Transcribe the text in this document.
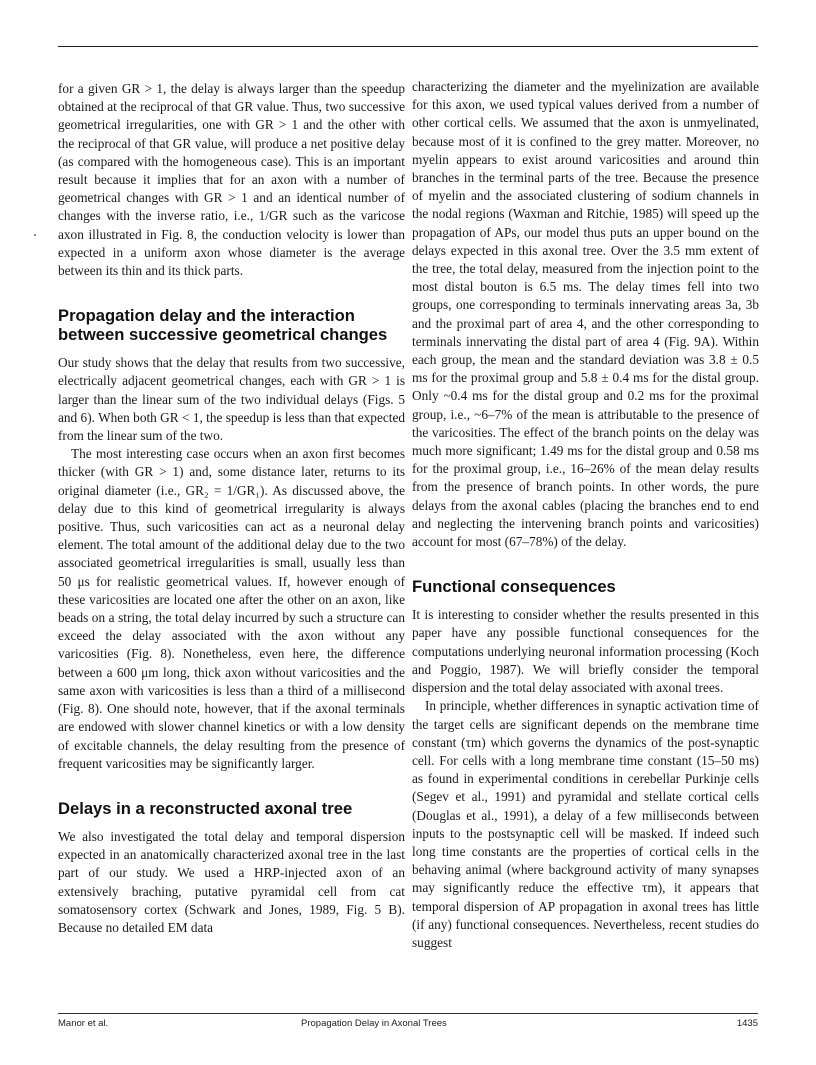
for a given GR > 1, the delay is always larger than the speedup obtained at the reciprocal of that GR value. Thus, two successive geometrical irregularities, one with GR > 1 and the other with the reciprocal of that GR value, will produce a net positive delay (as compared with the homogeneous case). This is an important result because it implies that for an axon with a number of geometrical changes with GR > 1 and an identical number of changes with the inverse ratio, i.e., 1/GR such as the varicose axon illustrated in Fig. 8, the conduction velocity is lower than expected in a uniform axon whose diameter is the average between its thin and its thick parts.

Propagation delay and the interaction between successive geometrical changes

Our study shows that the delay that results from two successive, electrically adjacent geometrical changes, each with GR > 1 is larger than the linear sum of the two individual delays (Figs. 5 and 6). When both GR < 1, the speedup is less than that expected from the linear sum of the two.

The most interesting case occurs when an axon first becomes thicker (with GR > 1) and, some distance later, returns to its original diameter (i.e., GR₂ = 1/GR₁). As discussed above, the delay due to this kind of geometrical irregularity is always positive. Thus, such varicosities can act as a neuronal delay element. The total amount of the additional delay due to the two associated geometrical irregularities is small, usually less than 50 μs for realistic geometrical values. If, however enough of these varicosities are located one after the other on an axon, like beads on a string, the total delay incurred by such a structure can exceed the delay associated with the axon without any varicosities (Fig. 8). Nonetheless, even here, the difference between a 600 μm long, thick axon without varicosities and the same axon with varicosities is less than a third of a millisecond (Fig. 8). One should note, however, that if the axonal terminals are endowed with slower channel kinetics or with a low density of excitable channels, the delay resulting from the presence of frequent varicosities may be significantly larger.

Delays in a reconstructed axonal tree

We also investigated the total delay and temporal dispersion expected in an anatomically characterized axonal tree in the last part of our study. We used a HRP-injected axon of an extensively braching, putative pyramidal cell from cat somatosensory cortex (Schwark and Jones, 1989, Fig. 5 B). Because no detailed EM data

characterizing the diameter and the myelinization are available for this axon, we used typical values derived from a number of other cortical cells. We assumed that the axon is unmyelinated, because most of it is confined to the grey matter. Moreover, no myelin appears to exist around varicosities and around thin branches in the terminal parts of the tree. Because the presence of myelin and the associated clustering of sodium channels in the nodal regions (Waxman and Ritchie, 1985) will speed up the propagation of APs, our model thus puts an upper bound on the delays expected in this axonal tree. Over the 3.5 mm extent of the tree, the total delay, measured from the injection point to the most distal bouton is 6.5 ms. The delay times fell into two groups, one corresponding to terminals innervating areas 3a, 3b and the proximal part of area 4, and the other corresponding to terminals innervating the distal part of area 4 (Fig. 9A). Within each group, the mean and the standard deviation was 3.8 ± 0.5 ms for the proximal group and 5.8 ± 0.4 ms for the distal group. Only ~0.4 ms for the distal group and 0.2 ms for the proximal group, i.e., ~6–7% of the mean is attributable to the presence of the varicosities. The effect of the branch points on the delay was much more significant; 1.49 ms for the distal group and 0.58 ms for the proximal group, i.e., 16–26% of the mean delay results from the presence of branch points. In other words, the pure delays from the axonal cables (placing the branches end to end and neglecting the intervening branch points and varicosities) account for most (67–78%) of the delay.

Functional consequences

It is interesting to consider whether the results presented in this paper have any possible functional consequences for the computations underlying neuronal information processing (Koch and Poggio, 1987). We will briefly consider the temporal dispersion and the total delay associated with axonal trees.

In principle, whether differences in synaptic activation time of the target cells are significant depends on the membrane time constant (τm) which governs the dynamics of the post-synaptic cell. For cells with a long membrane time constant (15–50 ms) as found in experimental conditions in cerebellar Purkinje cells (Segev et al., 1991) and pyramidal and stellate cortical cells (Douglas et al., 1991), a delay of a few milliseconds between inputs to the postsynaptic cell will be masked. If indeed such long time constants are the properties of cortical cells in the behaving animal (where background activity of many synapses may significantly reduce the effective τm), it appears that temporal dispersion of AP propagation in axonal trees has little (if any) functional consequences. Nevertheless, recent studies do suggest

Manor et al.	Propagation Delay in Axonal Trees	1435
